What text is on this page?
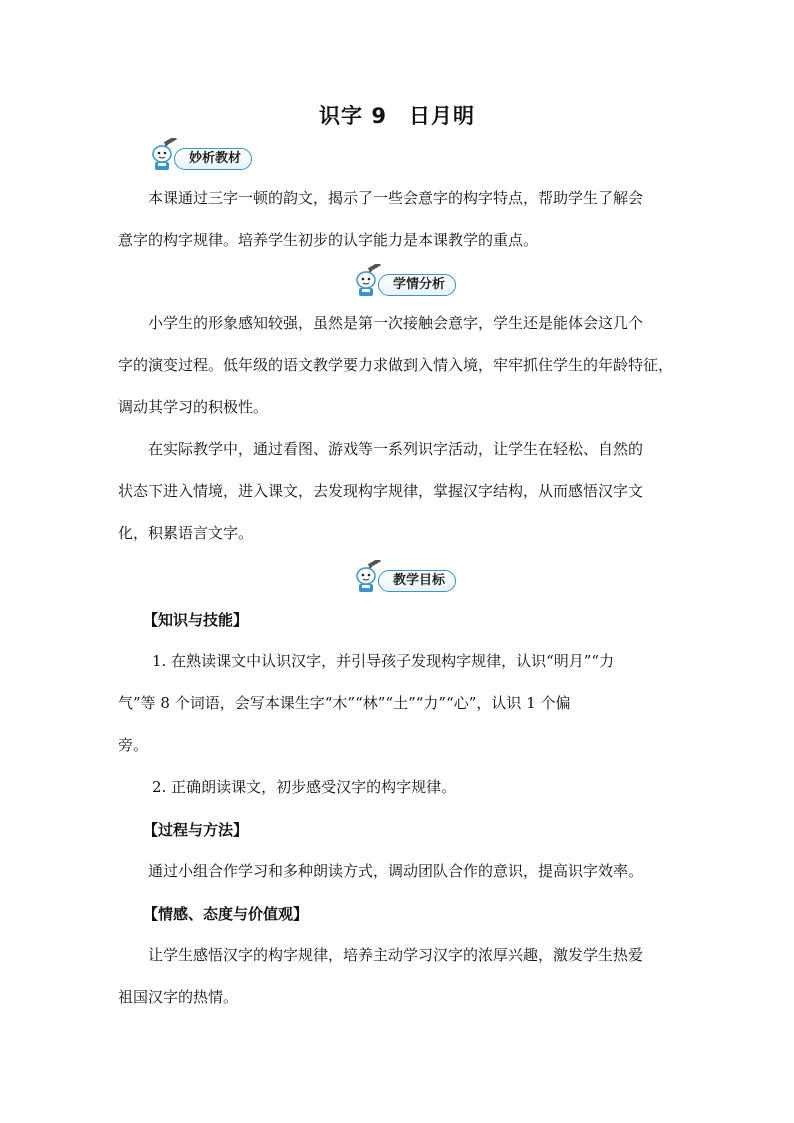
识字 9　日月明
妙析教材
本课通过三字一顿的韵文，揭示了一些会意字的构字特点，帮助学生了解会
意字的构字规律。培养学生初步的认字能力是本课教学的重点。
学情分析
小学生的形象感知较强，虽然是第一次接触会意字，学生还是能体会这几个
字的演变过程。低年级的语文教学要力求做到入情入境，牢牢抓住学生的年龄特征，
调动其学习的积极性。
在实际教学中，通过看图、游戏等一系列识字活动，让学生在轻松、自然的
状态下进入情境，进入课文，去发现构字规律，掌握汉字结构，从而感悟汉字文
化，积累语言文字。
教学目标
【知识与技能】
1. 在熟读课文中认识汉字，并引导孩子发现构字规律，认识“明月”“力
气”等 8 个词语，会写本课生字“木”“林”“土”“力”“心”，认识 1 个偏
旁。
2. 正确朗读课文，初步感受汉字的构字规律。
【过程与方法】
通过小组合作学习和多种朗读方式，调动团队合作的意识，提高识字效率。
【情感、态度与价值观】
让学生感悟汉字的构字规律，培养主动学习汉字的浓厚兴趣，激发学生热爱
祖国汉字的热情。
